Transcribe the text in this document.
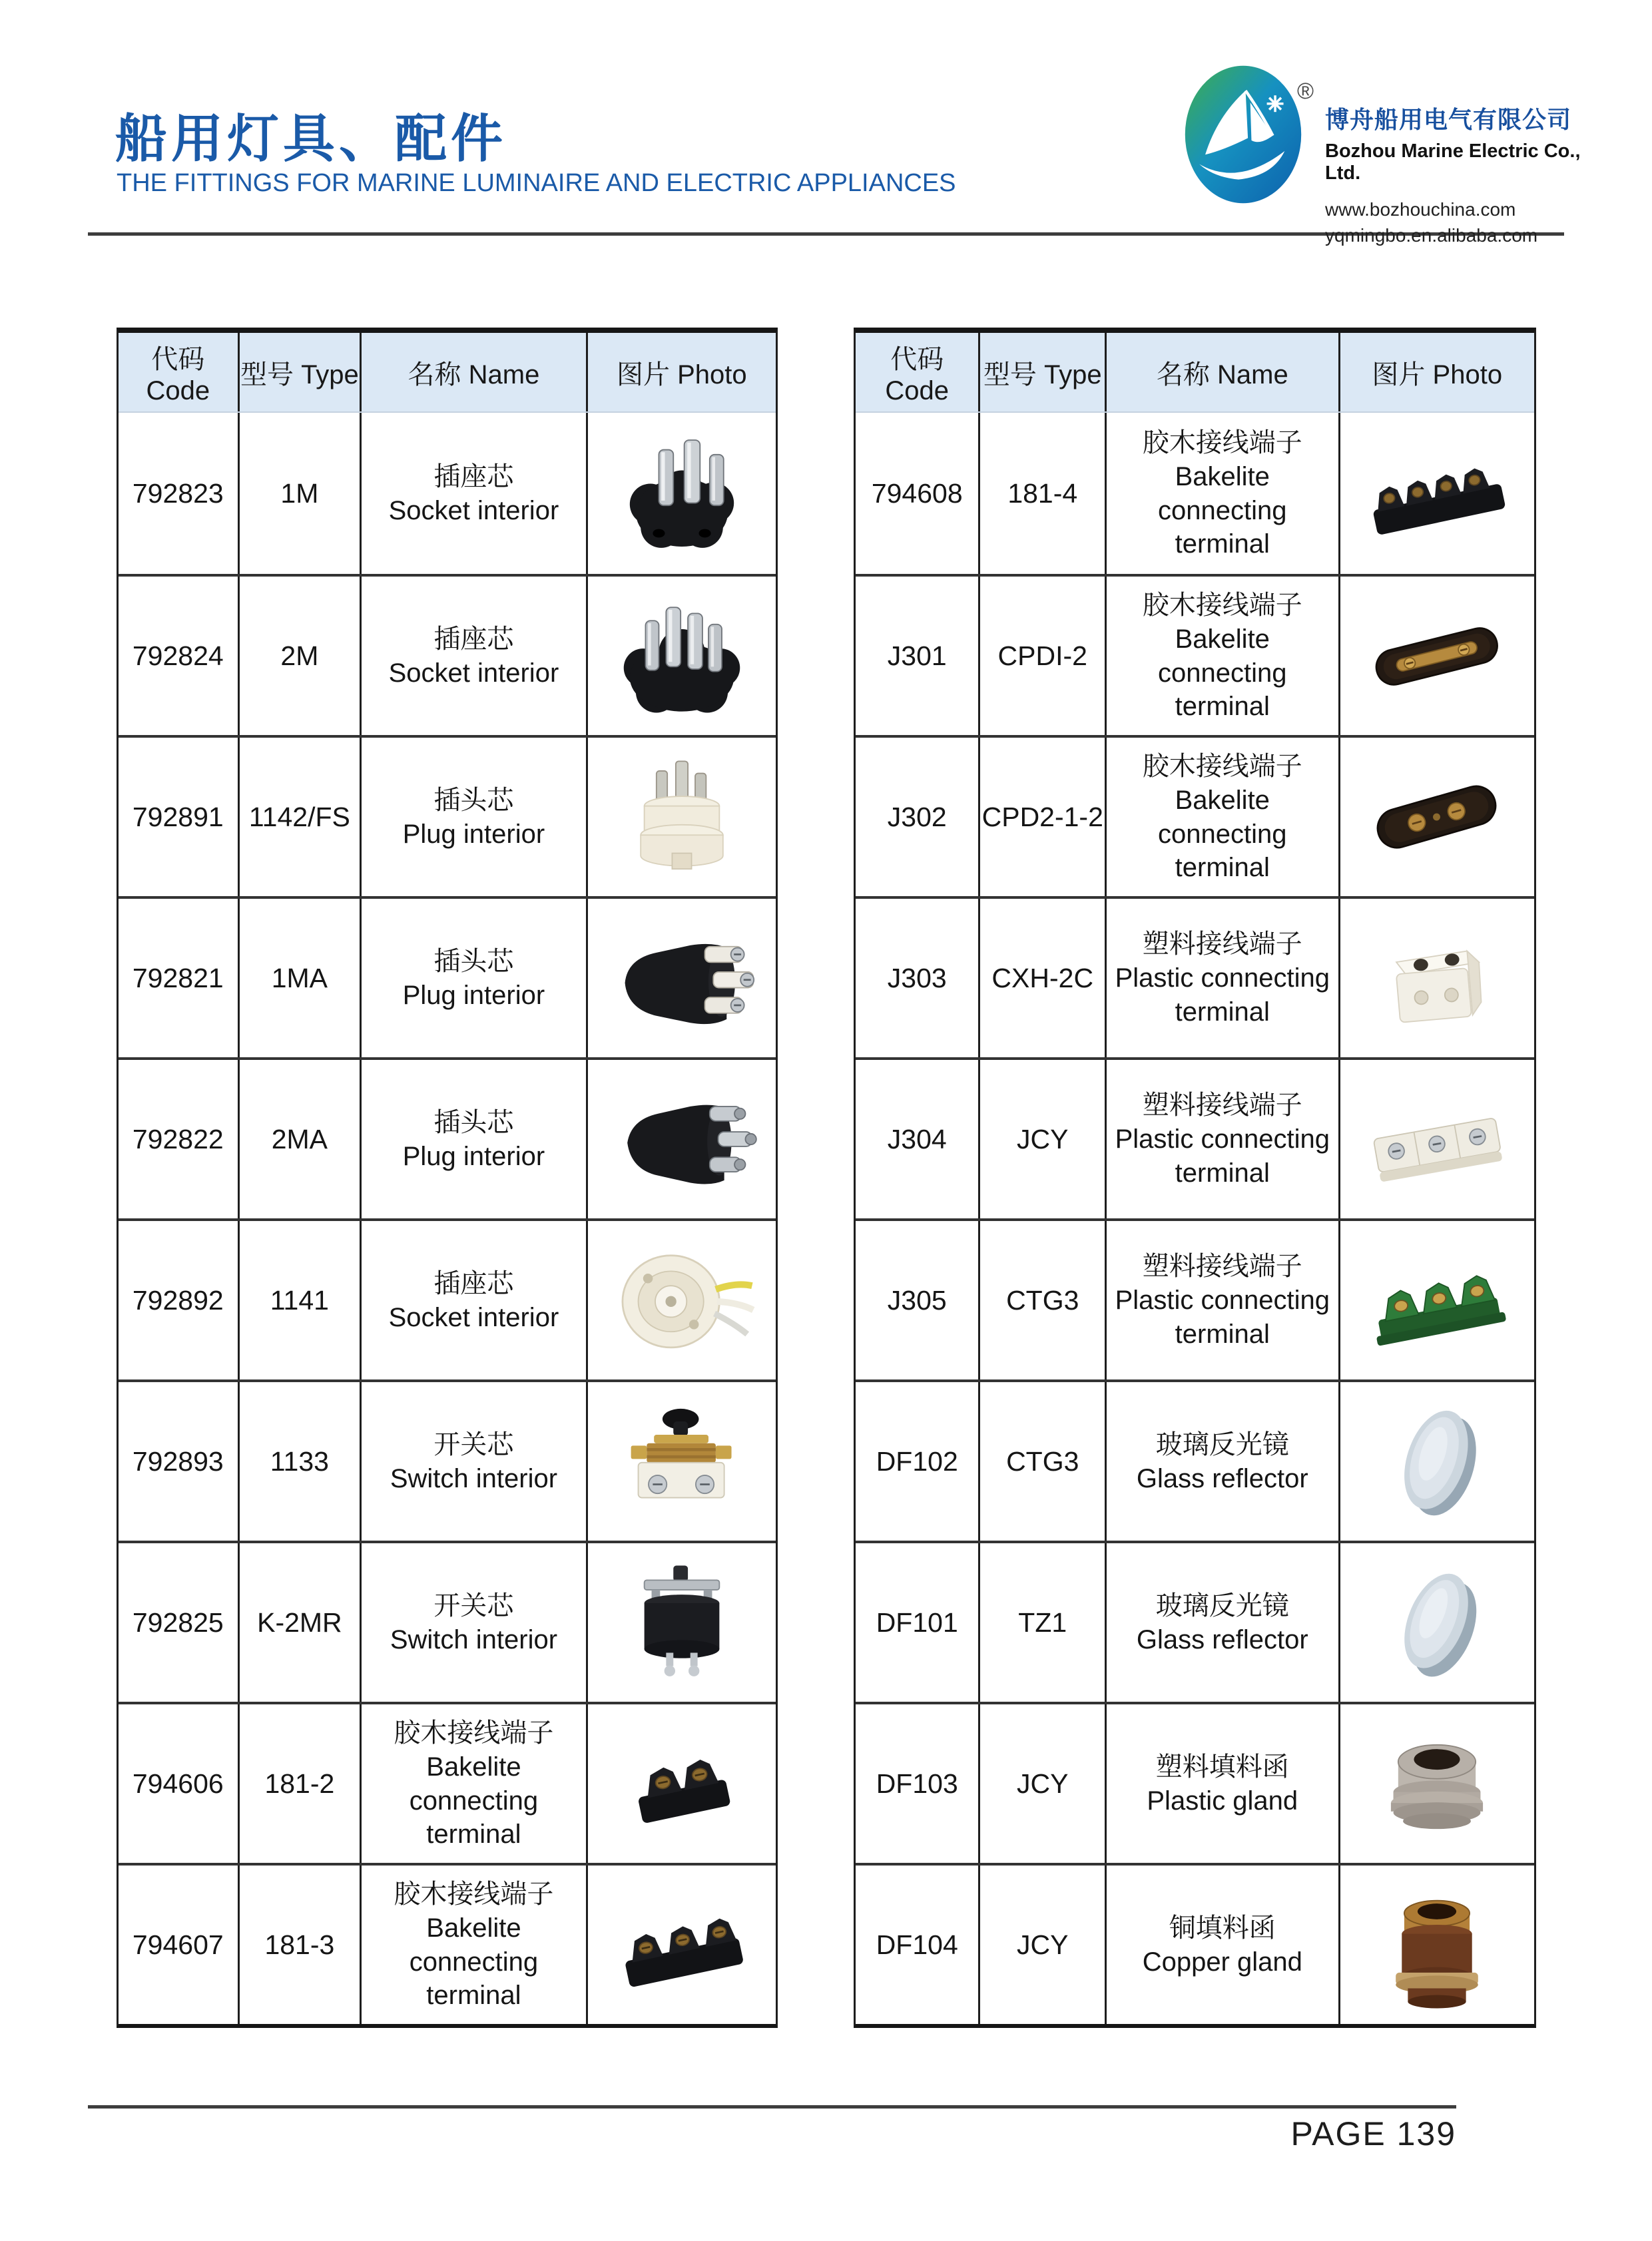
船用灯具、配件
THE FITTINGS FOR MARINE LUMINAIRE AND ELECTRIC APPLIANCES
®
博舟船用电气有限公司
Bozhou Marine Electric Co., Ltd.
www.bozhouchina.com
yqmingbo.en.alibaba.com
代码 Code
型号 Type 名称 Name	图片 Photo
792823 1M
插座芯
Socket interior
792824 2M
插座芯
Socket interior
792891 1142/FS
插头芯
Plug interior
792821 1MA
插头芯
Plug interior
792822 2MA
插头芯
Plug interior
792892 1141
插座芯
Socket interior
792893 1133
开关芯
Switch interior
792825 K-2MR
开关芯
Switch interior
794606 181-2
胶木接线端子
Bakelite connecting terminal
794607 181-3
胶木接线端子
Bakelite connecting terminal
代码 Code
型号 Type 名称 Name	图片 Photo
794608 181-4
胶木接线端子
Bakelite connecting terminal
J301 CPDI-2
胶木接线端子
Bakelite connecting terminal
J302 CPD2-1-2
胶木接线端子
Bakelite connecting terminal
J303 CXH-2C
塑料接线端子
Plastic connecting terminal
J304	JCY
塑料接线端子
Plastic connecting terminal
J305 CTG3
塑料接线端子
Plastic connecting terminal
DF102 CTG3
玻璃反光镜
Glass reflector
DF101 TZ1
玻璃反光镜
Glass reflector
DF103 JCY
塑料填料函
Plastic gland
DF104 JCY
铜填料函
Copper gland
PAGE 139
